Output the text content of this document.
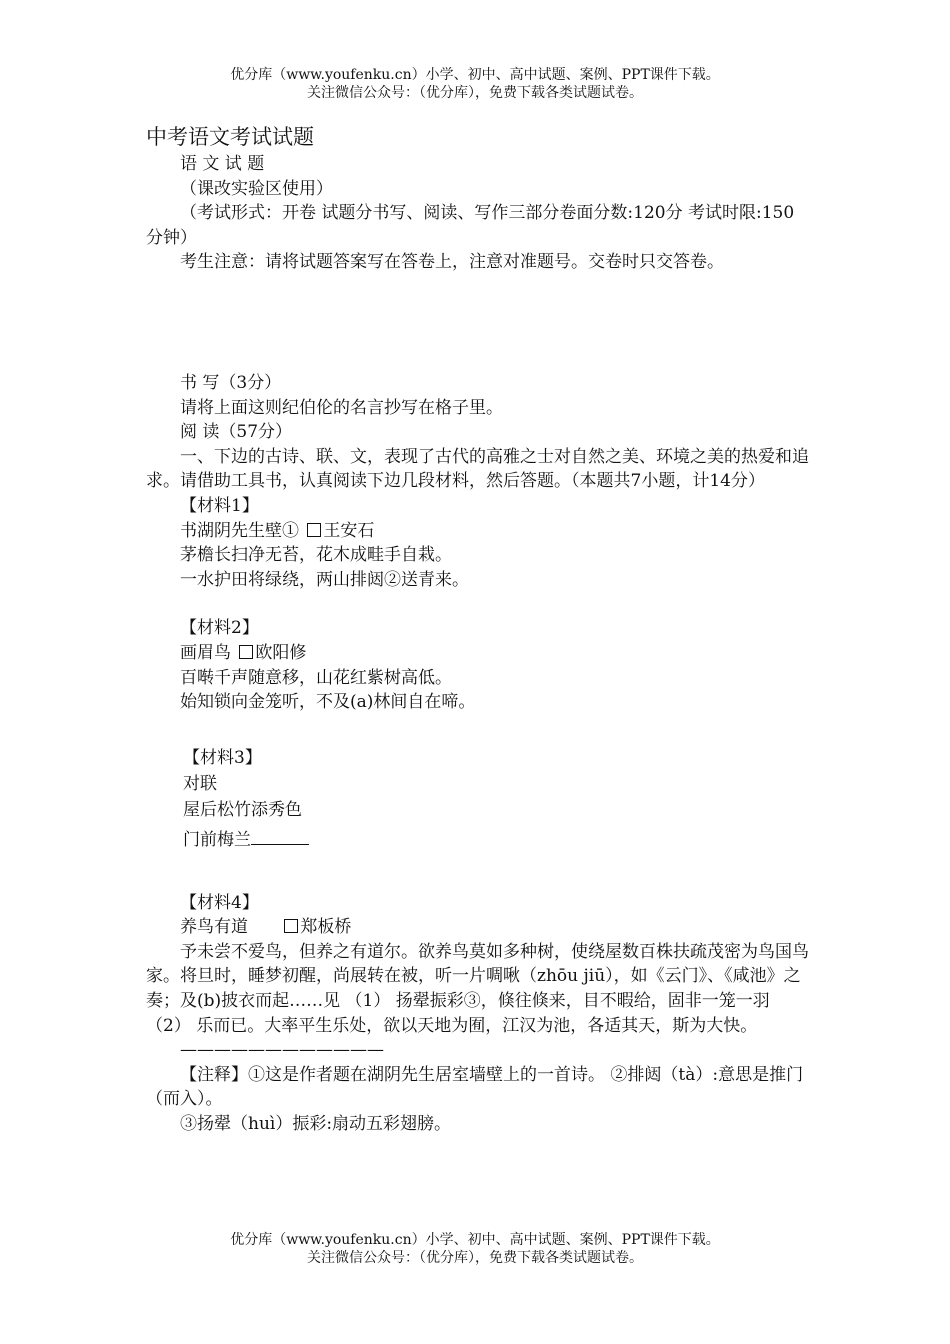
优分库（www.youfenku.cn）小学、初中、高中试题、案例、PPT课件下载。
关注微信公众号：（优分库），免费下载各类试题试卷。

中考语文考试试题

语 文 试 题

（课改实验区使用）

（考试形式：开卷 试题分书写、阅读、写作三部分卷面分数:120分 考试时限:150分钟）

考生注意：请将试题答案写在答卷上，注意对准题号。交卷时只交答卷。

书 写（3分）

请将上面这则纪伯伦的名言抄写在格子里。

阅 读（57分）

一、下边的古诗、联、文，表现了古代的高雅之士对自然之美、环境之美的热爱和追求。请借助工具书，认真阅读下边几段材料，然后答题。（本题共7小题，计14分）

【材料1】

书湖阴先生壁① 王安石

茅檐长扫净无苔，花木成畦手自栽。

一水护田将绿绕，两山排闼②送青来。

【材料2】

画眉鸟 欧阳修

百啭千声随意移，山花红紫树高低。

始知锁向金笼听，不及(a)林间自在啼。

【材料3】

对联

屋后松竹添秀色

门前梅兰

【材料4】

养鸟有道	郑板桥

予未尝不爱鸟，但养之有道尔。欲养鸟莫如多种树，使绕屋数百株扶疏茂密为鸟国鸟家。将旦时，睡梦初醒，尚展转在被，听一片啁啾（zhōu jiū），如《云门》、《咸池》之奏；及(b)披衣而起……见 （1） 扬翚振彩③，倏往倏来，目不暇给，固非一笼一羽 （2） 乐而已。大率平生乐处，欲以天地为囿，江汉为池，各适其天，斯为大快。

————————————

【注释】①这是作者题在湖阴先生居室墙壁上的一首诗。 ②排闼（tà）:意思是推门（而入）。

③扬翚（huì）振彩:扇动五彩翅膀。

优分库（www.youfenku.cn）小学、初中、高中试题、案例、PPT课件下载。
关注微信公众号：（优分库），免费下载各类试题试卷。
